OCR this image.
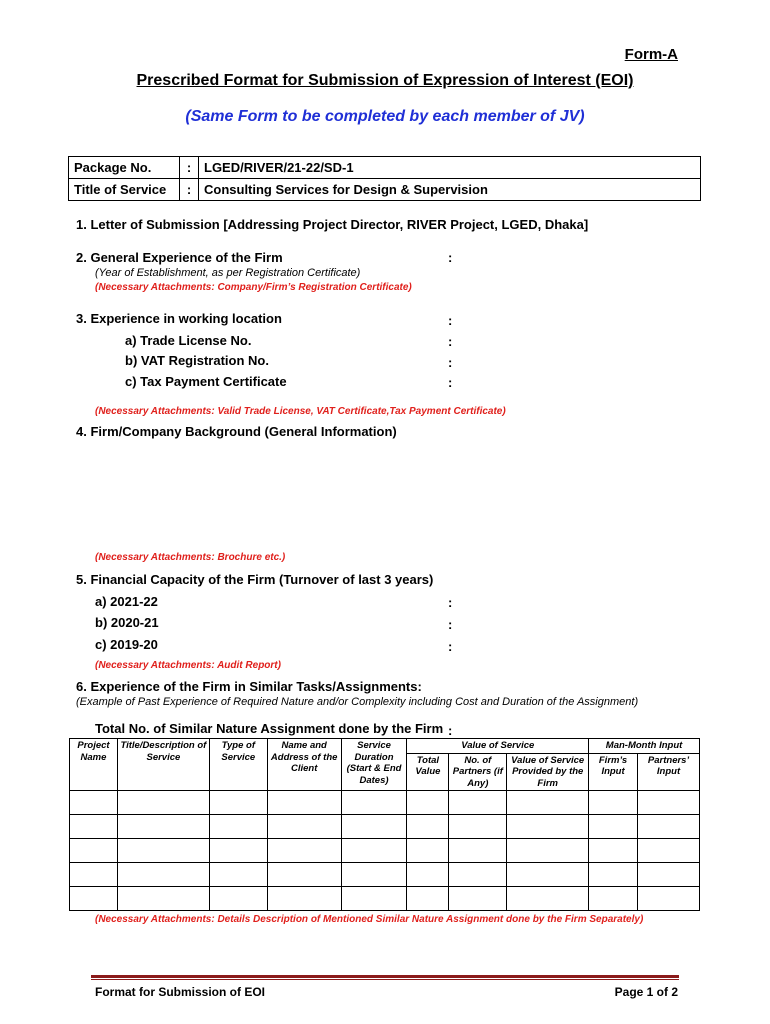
Form-A
Prescribed Format for Submission of Expression of Interest (EOI)
(Same Form to be completed by each member of JV)
Package No.	:	LGED/RIVER/21-22/SD-1
Title of Service	:	Consulting Services for Design & Supervision
1. Letter of Submission [Addressing Project Director, RIVER Project, LGED, Dhaka]
2. General Experience of the Firm	:
(Year of Establishment, as per Registration Certificate)
(Necessary Attachments: Company/Firm’s Registration Certificate)
3. Experience in working location	:
a) Trade License No.	:
b) VAT Registration No.	:
c) Tax Payment Certificate	:
(Necessary Attachments: Valid Trade License, VAT Certificate,Tax Payment Certificate)
4. Firm/Company Background (General Information)
(Necessary Attachments: Brochure etc.)
5. Financial Capacity of the Firm (Turnover of last 3 years)
a) 2021-22	:
b) 2020-21	:
c) 2019-20	:
(Necessary Attachments: Audit Report)
6. Experience of the Firm in Similar Tasks/Assignments:
(Example of Past Experience of Required Nature and/or Complexity including Cost and Duration of the Assignment)
Total No. of Similar Nature Assignment done by the Firm :
Project Name	Title/Description of Service	Type of Service	Name and Address of the Client	Service Duration (Start & End Dates)	Value of Service			Man-Month Input	
					Total Value	No. of Partners (if Any)	Value of Service Provided by the Firm	Firm’s Input	Partners’ Input

(Necessary Attachments: Details Description of Mentioned Similar Nature Assignment done by the Firm Separately)
Format for Submission of EOI	Page 1 of 2
